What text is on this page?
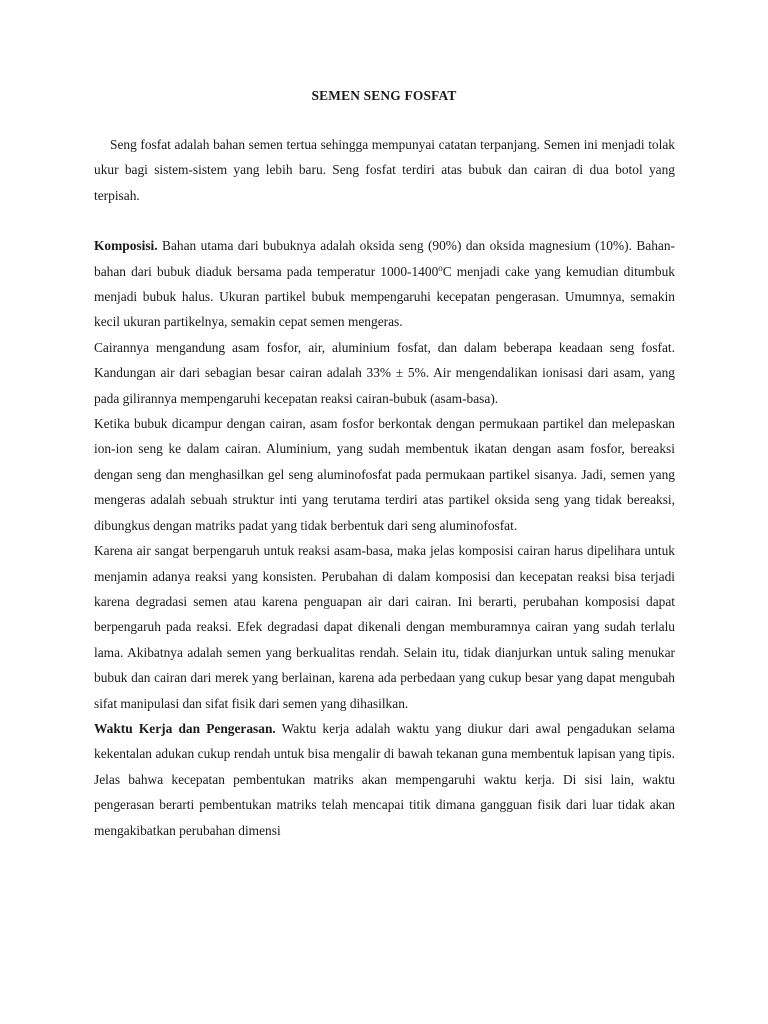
SEMEN SENG FOSFAT

Seng fosfat adalah bahan semen tertua sehingga mempunyai catatan terpanjang. Semen ini menjadi tolak ukur bagi sistem-sistem yang lebih baru. Seng fosfat terdiri atas bubuk dan cairan di dua botol yang terpisah.

Komposisi. Bahan utama dari bubuknya adalah oksida seng (90%) dan oksida magnesium (10%). Bahan-bahan dari bubuk diaduk bersama pada temperatur 1000-1400$^o$C menjadi cake yang kemudian ditumbuk menjadi bubuk halus. Ukuran partikel bubuk mempengaruhi kecepatan pengerasan. Umumnya, semakin kecil ukuran partikelnya, semakin cepat semen mengeras.

Cairannya mengandung asam fosfor, air, aluminium fosfat, dan dalam beberapa keadaan seng fosfat. Kandungan air dari sebagian besar cairan adalah 33% ± 5%. Air mengendalikan ionisasi dari asam, yang pada gilirannya mempengaruhi kecepatan reaksi cairan-bubuk (asam-basa).

Ketika bubuk dicampur dengan cairan, asam fosfor berkontak dengan permukaan partikel dan melepaskan ion-ion seng ke dalam cairan. Aluminium, yang sudah membentuk ikatan dengan asam fosfor, bereaksi dengan seng dan menghasilkan gel seng aluminofosfat pada permukaan partikel sisanya. Jadi, semen yang mengeras adalah sebuah struktur inti yang terutama terdiri atas partikel oksida seng yang tidak bereaksi, dibungkus dengan matriks padat yang tidak berbentuk dari seng aluminofosfat.

Karena air sangat berpengaruh untuk reaksi asam-basa, maka jelas komposisi cairan harus dipelihara untuk menjamin adanya reaksi yang konsisten. Perubahan di dalam komposisi dan kecepatan reaksi bisa terjadi karena degradasi semen atau karena penguapan air dari cairan. Ini berarti, perubahan komposisi dapat berpengaruh pada reaksi. Efek degradasi dapat dikenali dengan memburamnya cairan yang sudah terlalu lama. Akibatnya adalah semen yang berkualitas rendah. Selain itu, tidak dianjurkan untuk saling menukar bubuk dan cairan dari merek yang berlainan, karena ada perbedaan yang cukup besar yang dapat mengubah sifat manipulasi dan sifat fisik dari semen yang dihasilkan.

Waktu Kerja dan Pengerasan. Waktu kerja adalah waktu yang diukur dari awal pengadukan selama kekentalan adukan cukup rendah untuk bisa mengalir di bawah tekanan guna membentuk lapisan yang tipis. Jelas bahwa kecepatan pembentukan matriks akan mempengaruhi waktu kerja. Di sisi lain, waktu pengerasan berarti pembentukan matriks telah mencapai titik dimana gangguan fisik dari luar tidak akan mengakibatkan perubahan dimensi
